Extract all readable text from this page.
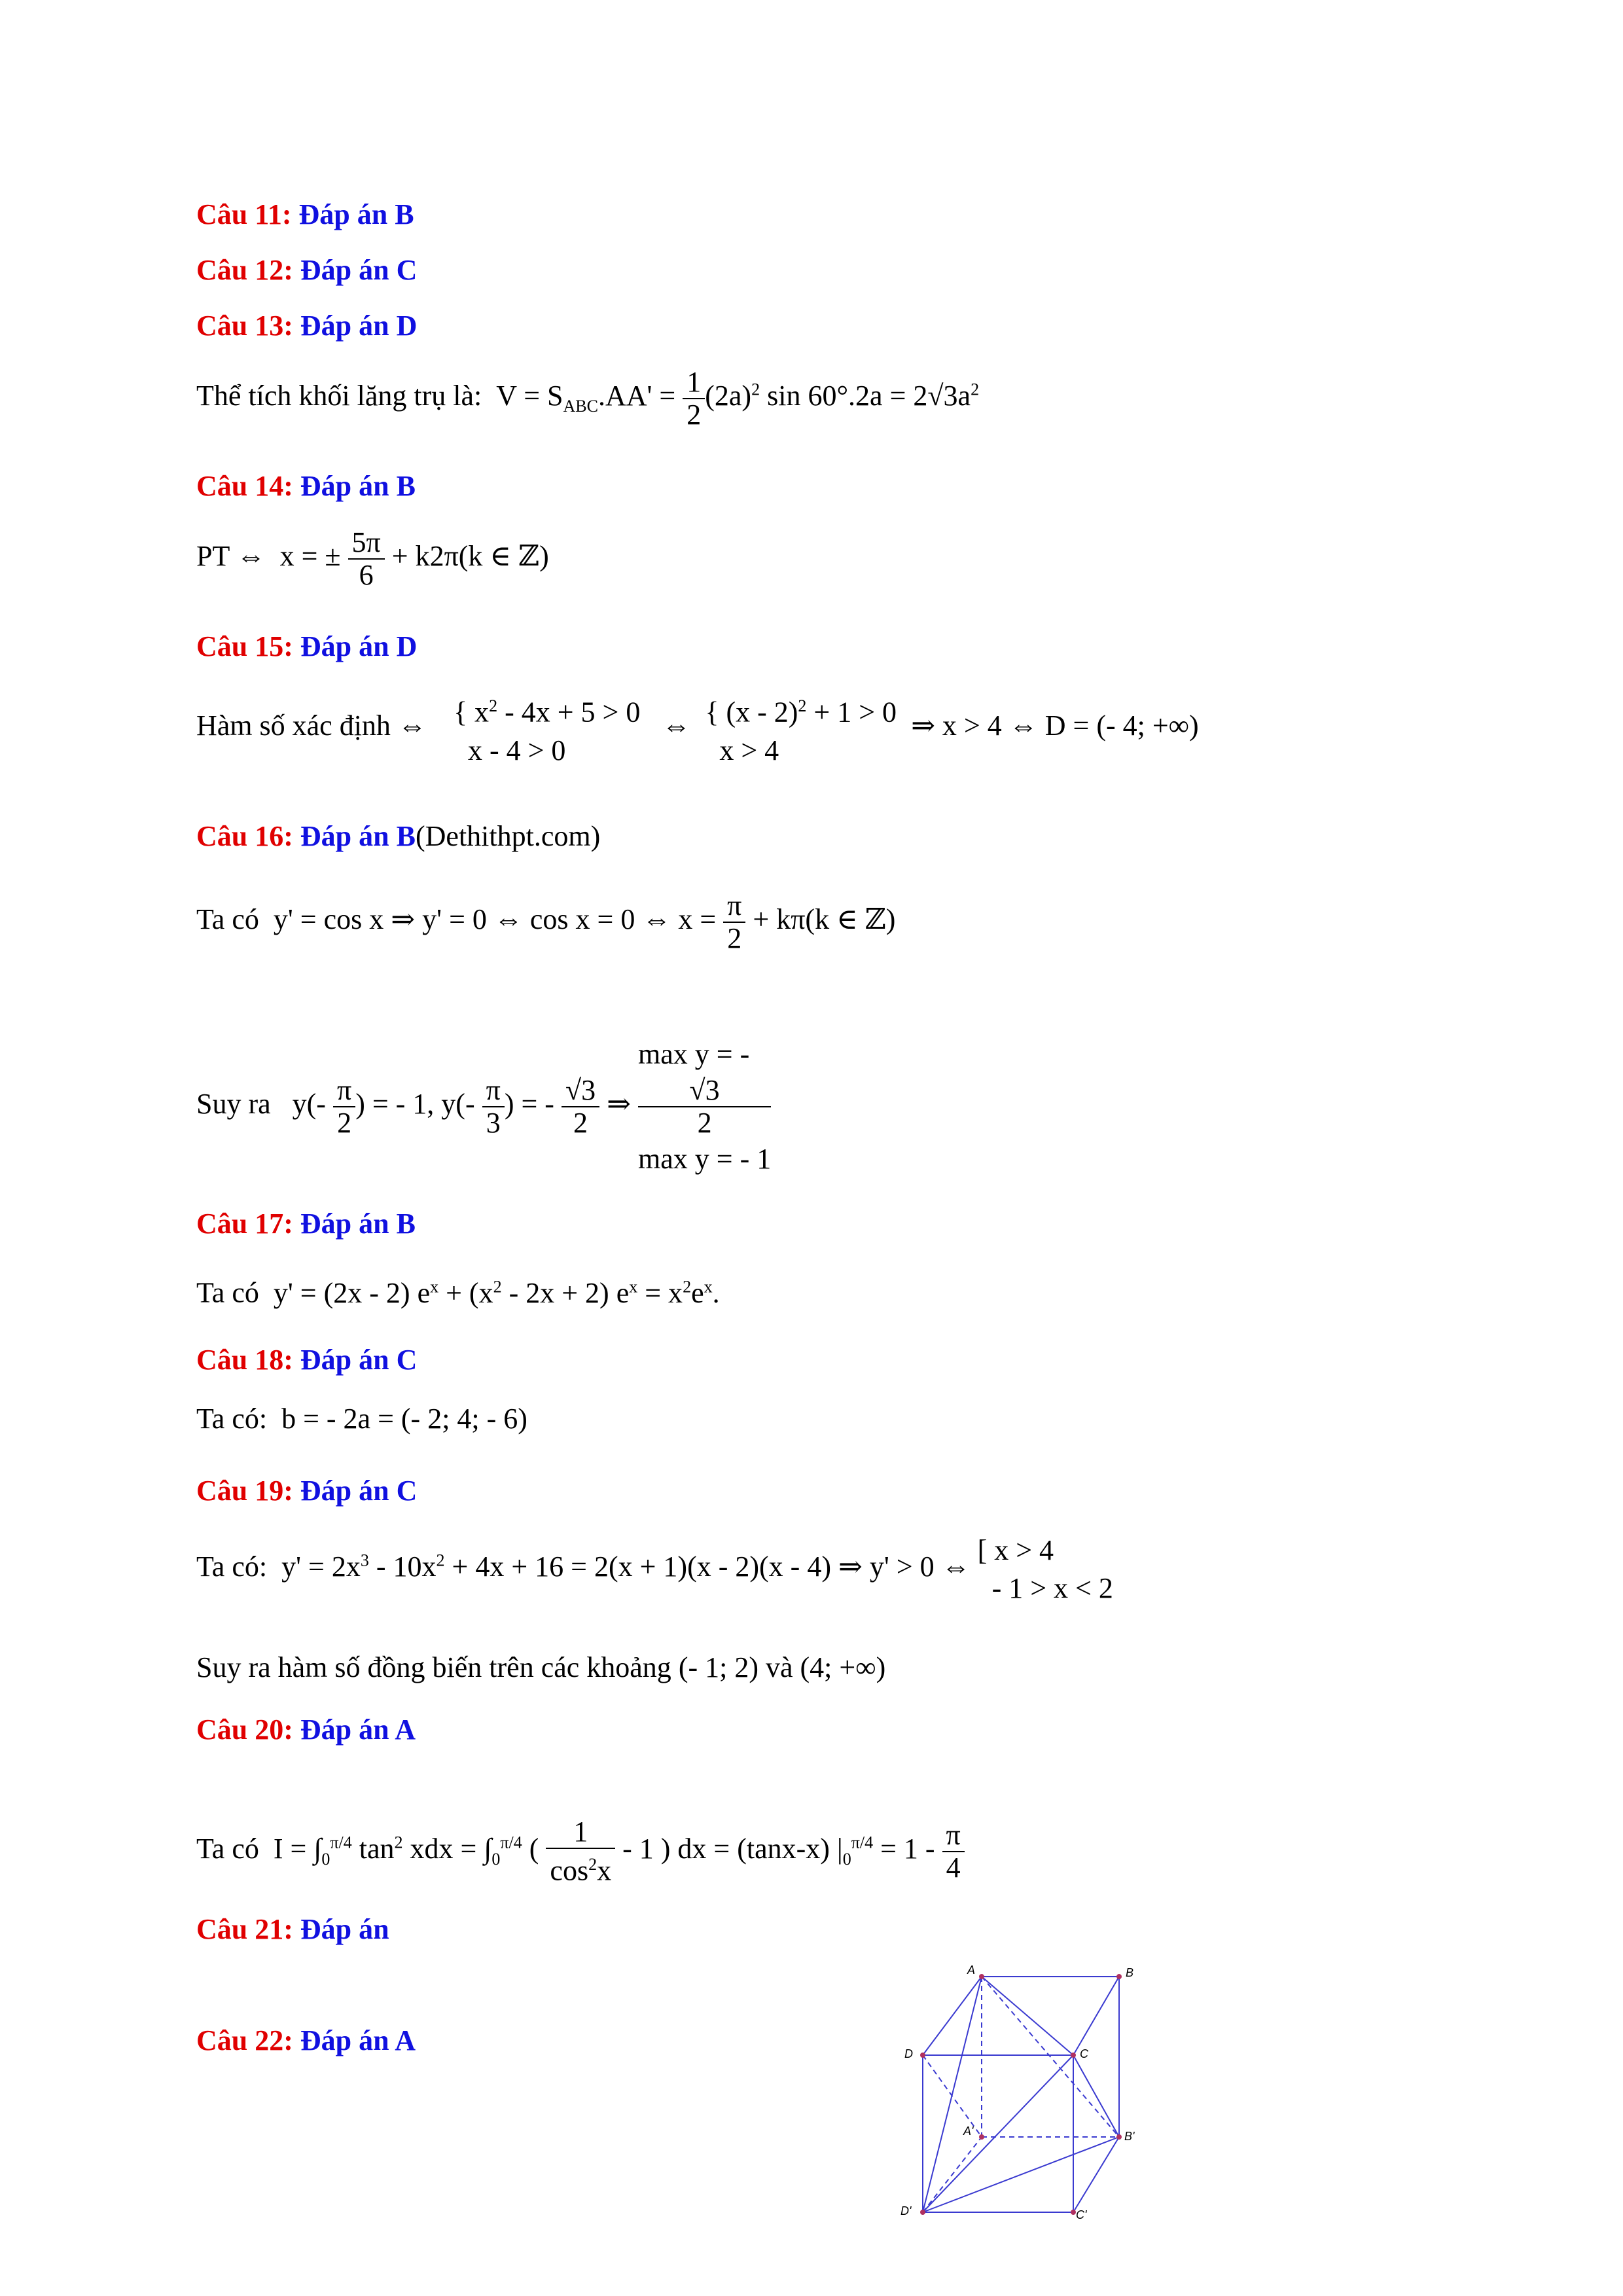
Câu 11: Đáp án B
Câu 12: Đáp án C
Câu 13: Đáp án D
Thể tích khối lăng trụ là:  $V = S_{ABC}.AA' = \frac{1}{2} (2a)^2$ $\sin 60^\circ.2a = 2√3a^2$
Câu 14: Đáp án B
PT ⇔  x = ± $\frac{5\pi}{6} + k2\pi(k$ ∈ ℤ)
Câu 15: Đáp án D
Hàm số xác định ⇔ { $x^2 - 4x + 5 > 0$
x - 4 > 0
⇔ { (x - 2)$^2$ + 1 > 0
x > 4
⇒ x > 4 ⇔ D = (- 4; +∞)
Câu 16: Đáp án B(Dethithpt.com)
Ta có  y' = cos x ⇒ y' = 0 ⇔ cos x = 0 ⇔ $x = \frac{\pi}{2} + k\pi(k$ ∈ ℤ)
Suy ra   $y(- \frac{\pi}{2}$ ) = - 1, $y(- \frac{\pi}{3}$ ) = - $\frac{√3}{2}$ ⇒
max y = -
√3
2
max y = - 1
Câu 17: Đáp án B
Ta có  y' = (2x - 2) $e^x + (x^2 - 2x + 2) e^x = x^2e^x$.
Câu 18: Đáp án C
Ta có:  b = - 2a = (- 2; 4; - 6)
Câu 19: Đáp án C
Ta có:  $y' = 2x^3 - 10x^2 + 4x + 16 = 2(x + 1)(x - 2)(x - 4)$ ⇒ y' > 0 ⇔
[ x > 4
- 1 > x < 2
Suy ra hàm số đồng biến trên các khoảng (- 1; 2) và (4; +∞)
Câu 20: Đáp án A
Ta có  $I = \int_0^{\pi/4}$ $\tan^2$ xdx = $\int_0^{\pi/4}$ ( $\frac{1}{\cos^2x} - 1$ ) dx = (tanx-x) $|_0^{\pi/4} = 1 - \frac{\pi}{4}$
Câu 21: Đáp án
Câu 22: Đáp án A
A	B
C
D
A'	B'
C'
D'
